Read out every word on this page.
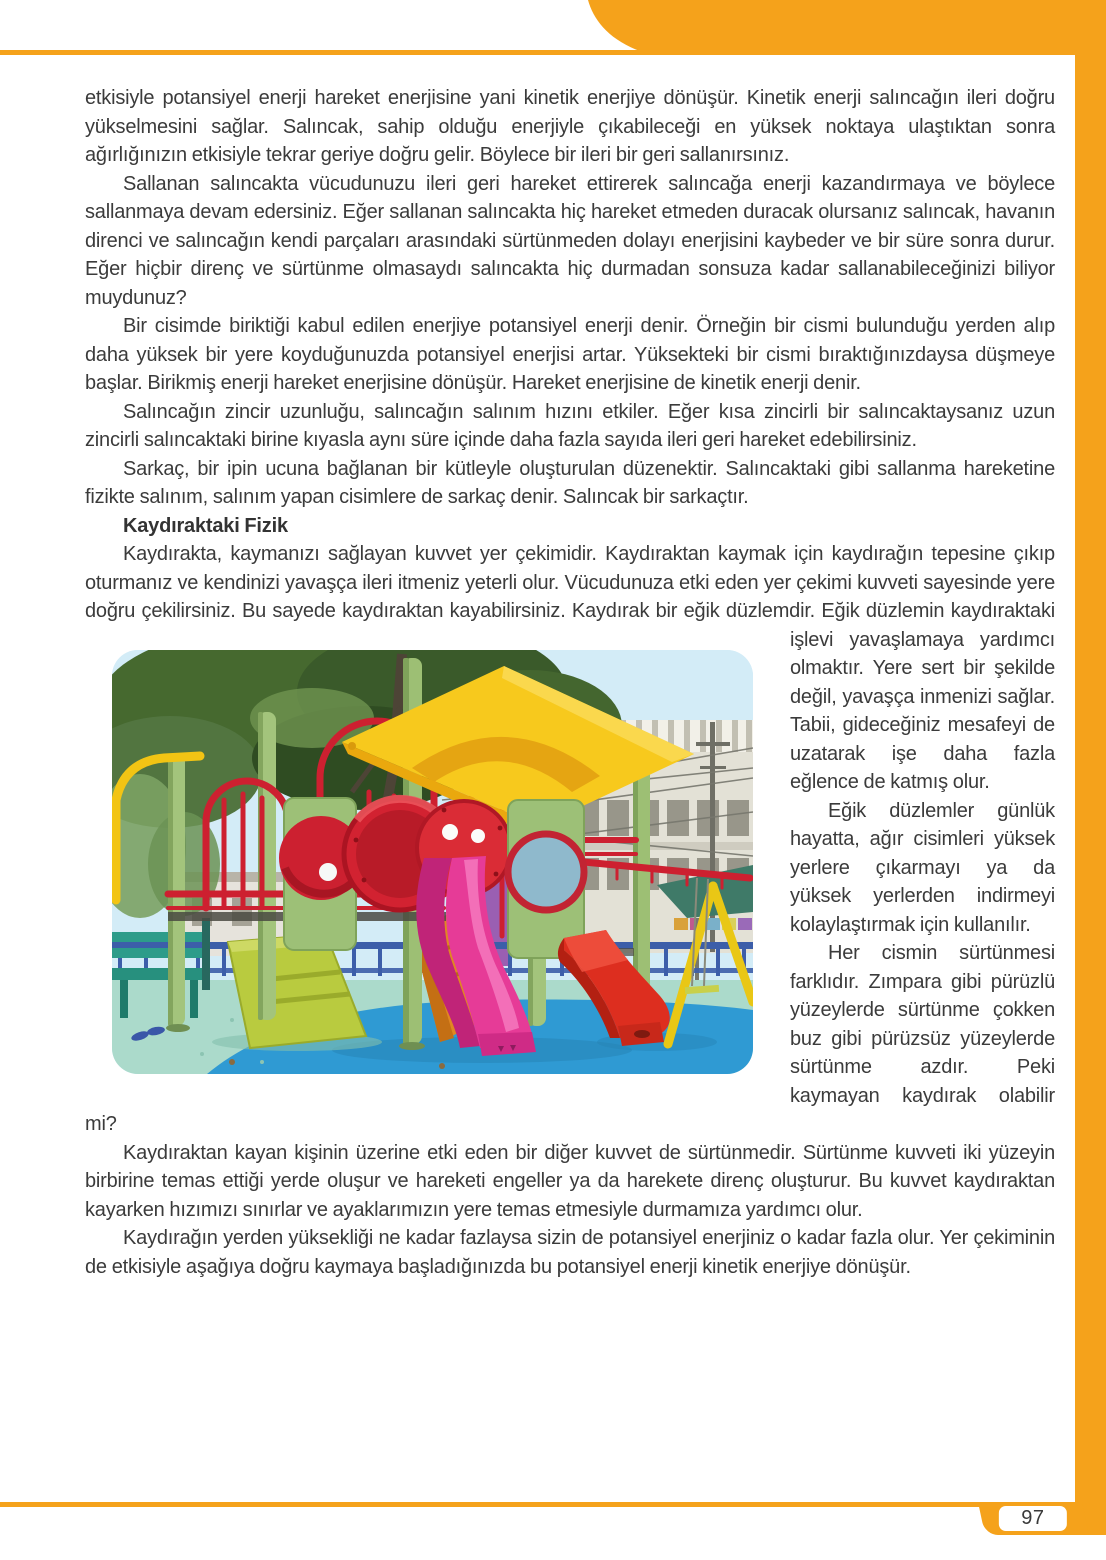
97

etkisiyle potansiyel enerji hareket enerjisine yani kinetik enerjiye dönüşür. Kinetik enerji salıncağın ileri doğru yükselmesini sağlar. Salıncak, sahip olduğu enerjiyle çıkabileceği en yüksek noktaya ulaştıktan sonra ağırlığınızın etkisiyle tekrar geriye doğru gelir. Böylece bir ileri bir geri sallanırsınız.

Sallanan salıncakta vücudunuzu ileri geri hareket ettirerek salıncağa enerji kazandırmaya ve böylece sallanmaya devam edersiniz. Eğer sallanan salıncakta hiç hareket etmeden duracak olursanız salıncak, havanın direnci ve salıncağın kendi parçaları arasındaki sürtünmeden dolayı enerjisini kaybeder ve bir süre sonra durur. Eğer hiçbir direnç ve sürtünme olmasaydı salıncakta hiç durmadan sonsuza kadar sallanabileceğinizi biliyor muydunuz?

Bir cisimde biriktiği kabul edilen enerjiye potansiyel enerji denir. Örneğin bir cismi bulunduğu yerden alıp daha yüksek bir yere koyduğunuzda potansiyel enerjisi artar. Yüksekteki bir cismi bıraktığınızdaysa düşmeye başlar. Birikmiş enerji hareket enerjisine dönüşür. Hareket enerjisine de kinetik enerji denir.

Salıncağın zincir uzunluğu, salıncağın salınım hızını etkiler. Eğer kısa zincirli bir salıncaktaysanız uzun zincirli salıncaktaki birine kıyasla aynı süre içinde daha fazla sayıda ileri geri hareket edebilirsiniz.

Sarkaç, bir ipin ucuna bağlanan bir kütleyle oluşturulan düzenektir. Salıncaktaki gibi sallanma hareketine fizikte salınım, salınım yapan cisimlere de sarkaç denir. Salıncak bir sarkaçtır.

Kaydıraktaki Fizik

Kaydırakta, kaymanızı sağlayan kuvvet yer çekimidir. Kaydıraktan kaymak için kaydırağın tepesine çıkıp oturmanız ve kendinizi yavaşça ileri itmeniz yeterli olur. Vücudunuza etki eden yer çekimi kuvveti sayesinde yere doğru çekilirsiniz. Bu sayede kaydıraktan kayabilirsiniz. Kaydırak bir eğik düzlemdir. Eğik düzlemin kaydıraktaki işlevi yavaşlamaya yardımcı olmaktır. Yere sert bir şekilde değil, yavaşça inmenizi sağlar. Tabii, gideceğiniz mesafeyi de uzatarak işe daha fazla eğlence de katmış olur.

Eğik düzlemler günlük hayatta, ağır cisimleri yüksek yerlere çıkarmayı ya da yüksek yerlerden indirmeyi kolaylaştırmak için kullanılır.

Her cismin sürtünmesi farklıdır. Zımpara gibi pürüzlü yüzeylerde sürtünme çokken buz gibi pürüzsüz yüzeylerde sürtünme azdır. Peki kaymayan kaydırak olabilir mi?

Kaydıraktan kayan kişinin üzerine etki eden bir diğer kuvvet de sürtünmedir. Sürtünme kuvveti iki yüzeyin birbirine temas ettiği yerde oluşur ve hareketi engeller ya da harekete direnç oluşturur. Bu kuvvet kaydıraktan kayarken hızımızı sınırlar ve ayaklarımızın yere temas etmesiyle durmamıza yardımcı olur.

Kaydırağın yerden yüksekliği ne kadar fazlaysa sizin de potansiyel enerjiniz o kadar fazla olur. Yer çekiminin de etkisiyle aşağıya doğru kaymaya başladığınızda bu potansiyel enerji kinetik enerjiye dönüşür.
